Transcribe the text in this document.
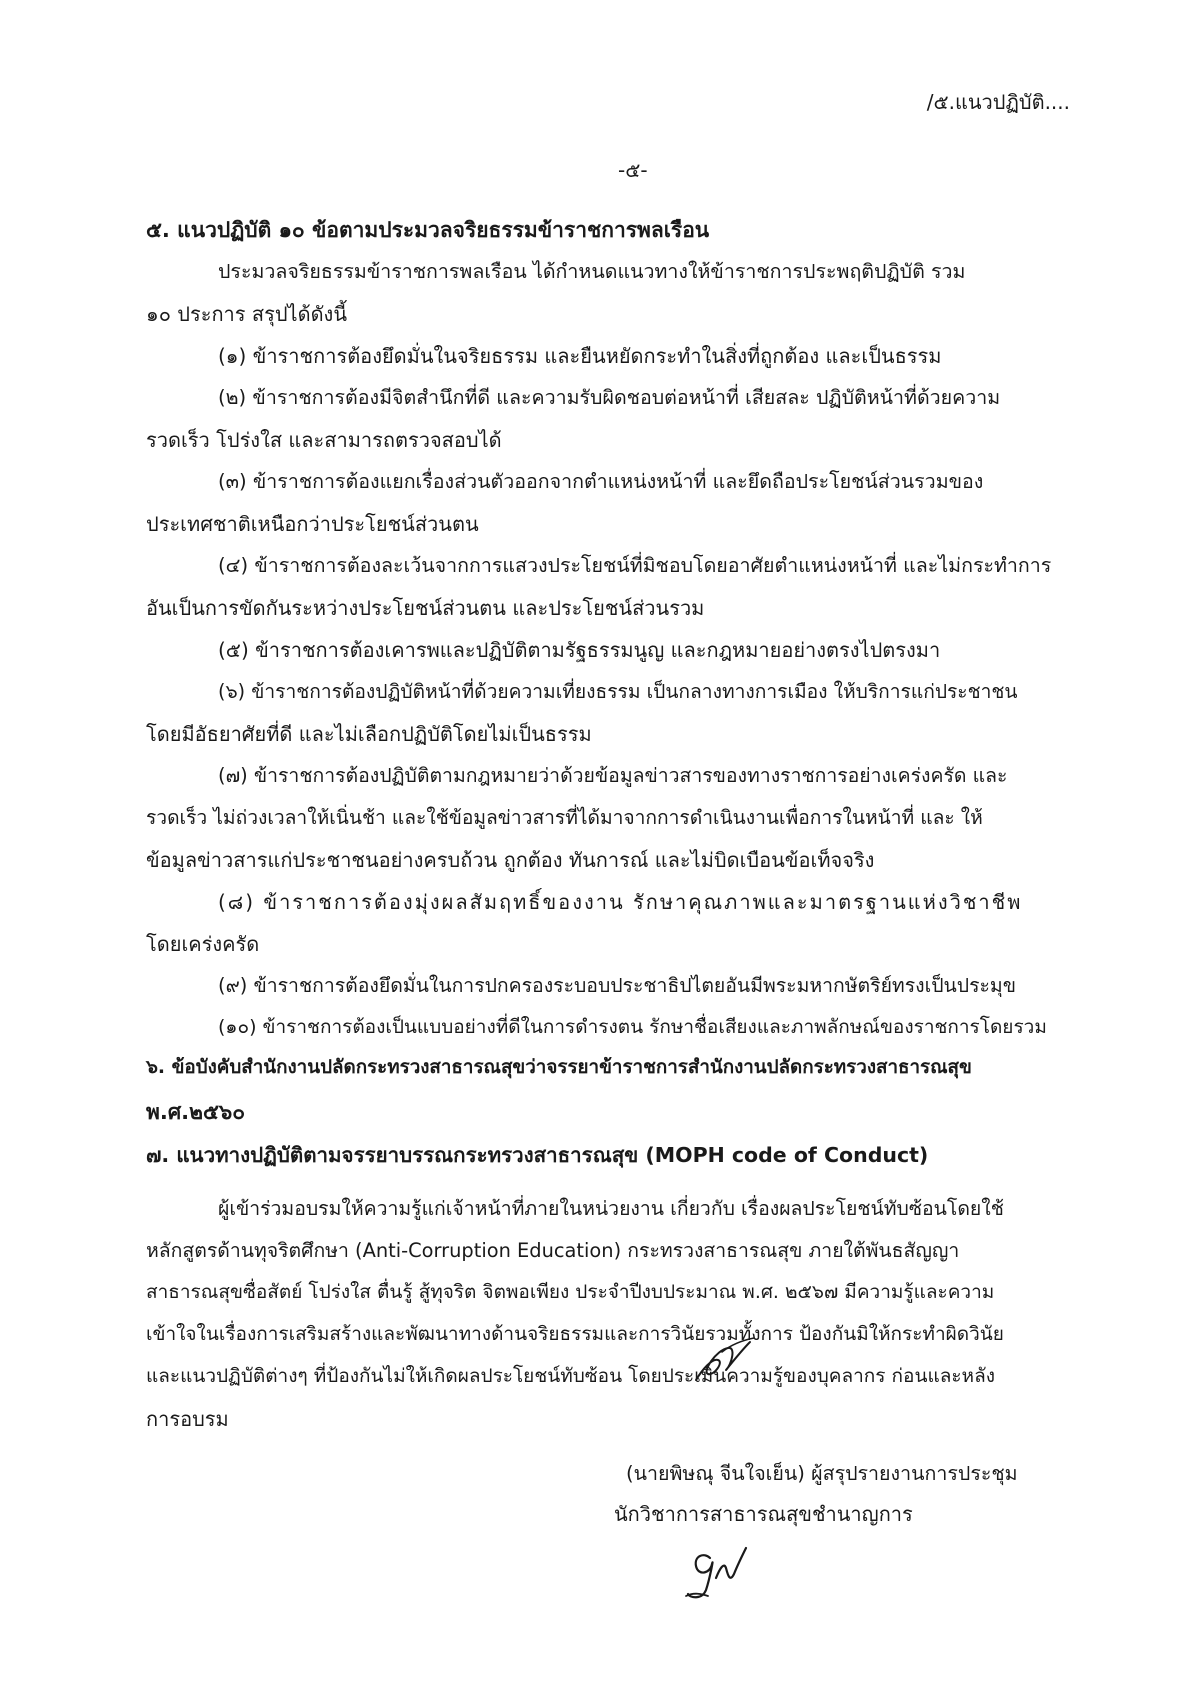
/๕.แนวปฏิบัติ....
-๕-
๕. แนวปฏิบัติ ๑๐ ข้อตามประมวลจริยธรรมข้าราชการพลเรือน
ประมวลจริยธรรมข้าราชการพลเรือน ได้กำหนดแนวทางให้ข้าราชการประพฤติปฏิบัติ รวม
๑๐ ประการ สรุปได้ดังนี้
(๑) ข้าราชการต้องยึดมั่นในจริยธรรม และยืนหยัดกระทำในสิ่งที่ถูกต้อง และเป็นธรรม
(๒) ข้าราชการต้องมีจิตสำนึกที่ดี และความรับผิดชอบต่อหน้าที่ เสียสละ ปฏิบัติหน้าที่ด้วยความ
รวดเร็ว โปร่งใส และสามารถตรวจสอบได้
(๓) ข้าราชการต้องแยกเรื่องส่วนตัวออกจากตำแหน่งหน้าที่ และยึดถือประโยชน์ส่วนรวมของ
ประเทศชาติเหนือกว่าประโยชน์ส่วนตน
(๔) ข้าราชการต้องละเว้นจากการแสวงประโยชน์ที่มิชอบโดยอาศัยตำแหน่งหน้าที่ และไม่กระทำการ
อันเป็นการขัดกันระหว่างประโยชน์ส่วนตน และประโยชน์ส่วนรวม
(๕) ข้าราชการต้องเคารพและปฏิบัติตามรัฐธรรมนูญ และกฎหมายอย่างตรงไปตรงมา
(๖) ข้าราชการต้องปฏิบัติหน้าที่ด้วยความเที่ยงธรรม เป็นกลางทางการเมือง ให้บริการแก่ประชาชน
โดยมีอัธยาศัยที่ดี และไม่เลือกปฏิบัติโดยไม่เป็นธรรม
(๗) ข้าราชการต้องปฏิบัติตามกฎหมายว่าด้วยข้อมูลข่าวสารของทางราชการอย่างเคร่งครัด และ
รวดเร็ว ไม่ถ่วงเวลาให้เนิ่นช้า และใช้ข้อมูลข่าวสารที่ได้มาจากการดำเนินงานเพื่อการในหน้าที่ และ ให้
ข้อมูลข่าวสารแก่ประชาชนอย่างครบถ้วน ถูกต้อง ทันการณ์ และไม่บิดเบือนข้อเท็จจริง
(๘) ข้าราชการต้องมุ่งผลสัมฤทธิ์ของงาน รักษาคุณภาพและมาตรฐานแห่งวิชาชีพ
โดยเคร่งครัด
(๙) ข้าราชการต้องยึดมั่นในการปกครองระบอบประชาธิปไตยอันมีพระมหากษัตริย์ทรงเป็นประมุข
(๑๐) ข้าราชการต้องเป็นแบบอย่างที่ดีในการดำรงตน รักษาชื่อเสียงและภาพลักษณ์ของราชการโดยรวม
๖. ข้อบังคับสำนักงานปลัดกระทรวงสาธารณสุขว่าจรรยาข้าราชการสำนักงานปลัดกระทรวงสาธารณสุข
พ.ศ.๒๕๖๐
๗. แนวทางปฏิบัติตามจรรยาบรรณกระทรวงสาธารณสุข (MOPH code of Conduct)
ผู้เข้าร่วมอบรมให้ความรู้แก่เจ้าหน้าที่ภายในหน่วยงาน เกี่ยวกับ เรื่องผลประโยชน์ทับซ้อนโดยใช้
หลักสูตรด้านทุจริตศึกษา (Anti-Corruption Education) กระทรวงสาธารณสุข ภายใต้พันธสัญญา
สาธารณสุขซื่อสัตย์ โปร่งใส ตื่นรู้ สู้ทุจริต จิตพอเพียง ประจำปีงบประมาณ พ.ศ. ๒๕๖๗ มีความรู้และความ
เข้าใจในเรื่องการเสริมสร้างและพัฒนาทางด้านจริยธรรมและการวินัยรวมทั้งการ ป้องกันมิให้กระทำผิดวินัย
และแนวปฏิบัติต่างๆ ที่ป้องกันไม่ให้เกิดผลประโยชน์ทับซ้อน โดยประเมินความรู้ของบุคลากร ก่อนและหลัง
การอบรม
(นายพิษณุ จีนใจเย็น) ผู้สรุปรายงานการประชุม
นักวิชาการสาธารณสุขชำนาญการ
